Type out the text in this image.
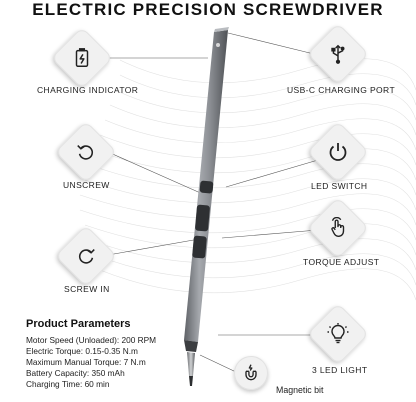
ELECTRIC PRECISION SCREWDRIVER
CHARGING INDICATOR	USB-C CHARGING PORT
UNSCREW	LED SWITCH
TORQUE ADJUST
SCREW IN
3 LED LIGHT
Magnetic bit
Product Parameters
Motor Speed (Unloaded): 200 RPM
Electric Torque: 0.15-0.35 N.m
Maximum Manual Torque: 7 N.m
Battery Capacity: 350 mAh
Charging Time: 60 min
